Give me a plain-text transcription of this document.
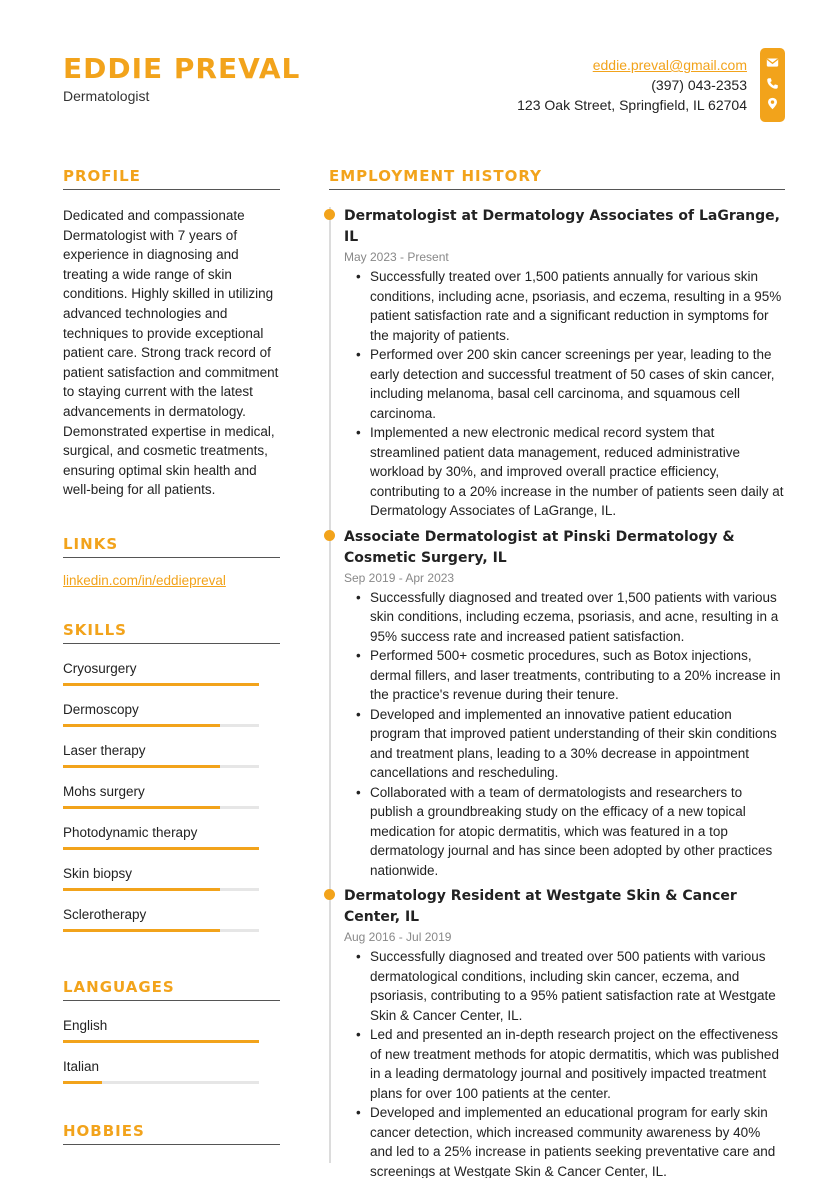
EDDIE PREVAL
Dermatologist
eddie.preval@gmail.com
(397) 043-2353
123 Oak Street, Springfield, IL 62704
PROFILE

Dedicated and compassionate Dermatologist with 7 years of experience in diagnosing and treating a wide range of skin conditions. Highly skilled in utilizing advanced technologies and techniques to provide exceptional patient care. Strong track record of patient satisfaction and commitment to staying current with the latest advancements in dermatology. Demonstrated expertise in medical, surgical, and cosmetic treatments, ensuring optimal skin health and well-being for all patients.

LINKS
linkedin.com/in/eddiepreval
SKILLS
Cryosurgery
Dermoscopy
Laser therapy
Mohs surgery
Photodynamic therapy
Skin biopsy
Sclerotherapy
LANGUAGES
English
Italian
HOBBIES
EMPLOYMENT HISTORY
Dermatologist at Dermatology Associates of LaGrange, IL
May 2023 - Present
• Successfully treated over 1,500 patients annually for various skin conditions, including acne, psoriasis, and eczema, resulting in a 95% patient satisfaction rate and a significant reduction in symptoms for the majority of patients.
• Performed over 200 skin cancer screenings per year, leading to the early detection and successful treatment of 50 cases of skin cancer, including melanoma, basal cell carcinoma, and squamous cell carcinoma.
• Implemented a new electronic medical record system that streamlined patient data management, reduced administrative workload by 30%, and improved overall practice efficiency, contributing to a 20% increase in the number of patients seen daily at Dermatology Associates of LaGrange, IL.
Associate Dermatologist at Pinski Dermatology & Cosmetic Surgery, IL
Sep 2019 - Apr 2023
• Successfully diagnosed and treated over 1,500 patients with various skin conditions, including eczema, psoriasis, and acne, resulting in a 95% success rate and increased patient satisfaction.
• Performed 500+ cosmetic procedures, such as Botox injections, dermal fillers, and laser treatments, contributing to a 20% increase in the practice's revenue during their tenure.
• Developed and implemented an innovative patient education program that improved patient understanding of their skin conditions and treatment plans, leading to a 30% decrease in appointment cancellations and rescheduling.
• Collaborated with a team of dermatologists and researchers to publish a groundbreaking study on the efficacy of a new topical medication for atopic dermatitis, which was featured in a top dermatology journal and has since been adopted by other practices nationwide.
Dermatology Resident at Westgate Skin & Cancer Center, IL
Aug 2016 - Jul 2019
• Successfully diagnosed and treated over 500 patients with various dermatological conditions, including skin cancer, eczema, and psoriasis, contributing to a 95% patient satisfaction rate at Westgate Skin & Cancer Center, IL.
• Led and presented an in-depth research project on the effectiveness of new treatment methods for atopic dermatitis, which was published in a leading dermatology journal and positively impacted treatment plans for over 100 patients at the center.
• Developed and implemented an educational program for early skin cancer detection, which increased community awareness by 40% and led to a 25% increase in patients seeking preventative care and screenings at Westgate Skin & Cancer Center, IL.
